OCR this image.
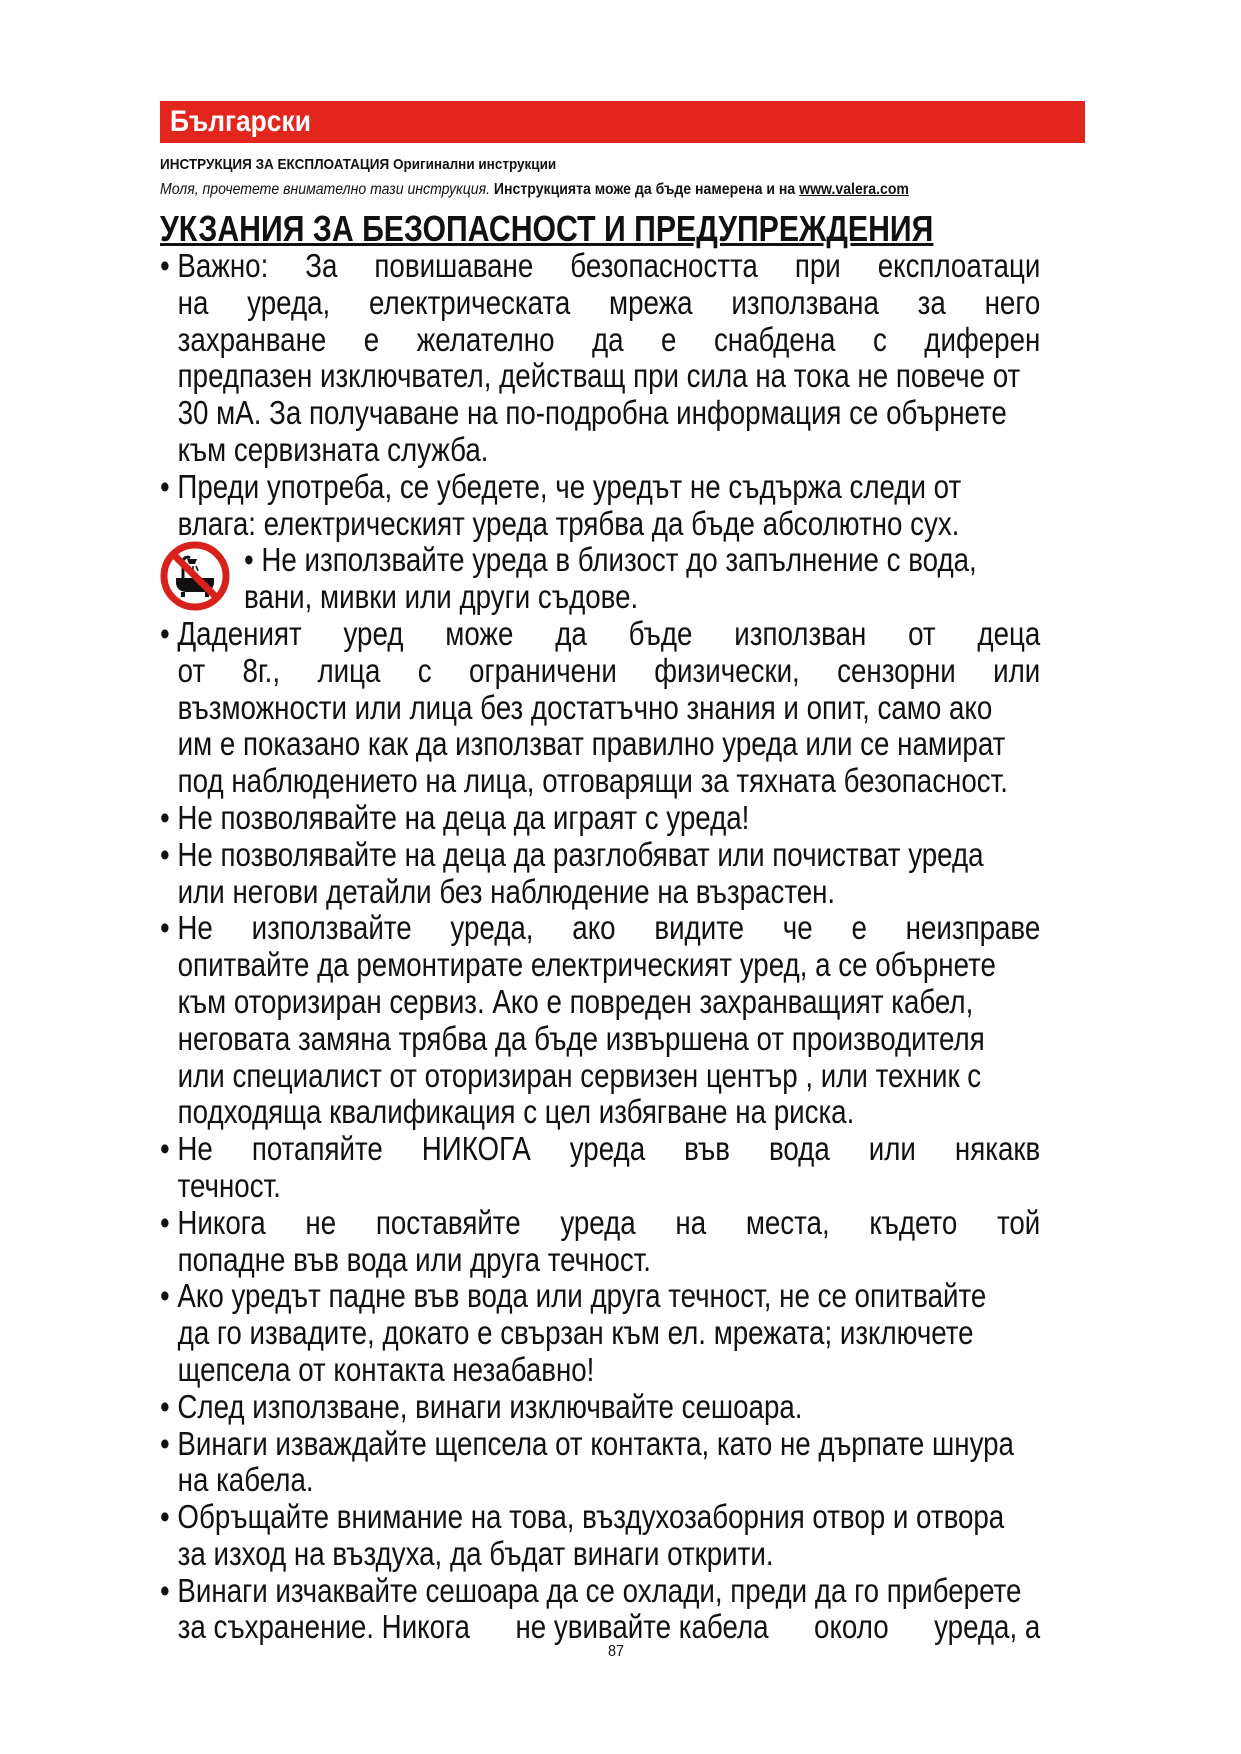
Български
ИНСТРУКЦИЯ ЗА ЕКСПЛОАТАЦИЯ Оригинални инструкции
Моля, прочетете внимателно тази инструкция. Инструкцията може да бъде намерена и на www.valera.com
УКЗАНИЯ ЗА БЕЗОПАСНОСТ И ПРЕДУПРЕЖДЕНИЯ
• Важно: За повишаване безопасността при експлоатаци
на уреда, електрическата мрежа използвана за него
захранване е желателно да е снабдена с диферен
предпазен изключвател, действащ при сила на тока не повече от
30 мА. За получаване на по-подробна информация се обърнете
към сервизната служба.
• Преди употреба, се убедете, че уредът не съдържа следи от
влага: електрическият уреда трябва да бъде абсолютно сух.
• Не използвайте уреда в близост до запълнение с вода,
вани, мивки или други съдове.
• Даденият уред може да бъде използван от деца
от 8г., лица с ограничени физически, сензорни или
възможности или лица без достатъчно знания и опит, само ако
им е показано как да използват правилно уреда или се намират
под наблюдението на лица, отговарящи за тяхната безопасност.
• Не позволявайте на деца да играят с уреда!
• Не позволявайте на деца да разглобяват или почистват уреда
или негови детайли без наблюдение на възрастен.
• Не използвайте уреда, ако видите че е неизправе
опитвайте да ремонтирате електрическият уред, а се обърнете
към оторизиран сервиз. Ако е повреден захранващият кабел,
неговата замяна трябва да бъде извършена от производителя
или специалист от оторизиран сервизен център , или техник с
подходяща квалификация с цел избягване на риска.
• Не потапяйте НИКОГА уреда във вода или някакв
течност.
• Никога не поставяйте уреда на места, където той
попадне във вода или друга течност.
• Ако уредът падне във вода или друга течност, не се опитвайте
да го извадите, докато е свързан към ел. мрежата; изключете
щепсела от контакта незабавно!
• След използване, винаги изключвайте сешоара.
• Винаги изваждайте щепсела от контакта, като не дърпате шнура
на кабела.
• Обръщайте внимание на това, въздухозаборния отвор и отвора
за изход на въздуха, да бъдат винаги открити.
• Винаги изчаквайте сешоара да се охлади, преди да го приберете
за съхранение. Никога не увивайте кабела около уреда, а
87
